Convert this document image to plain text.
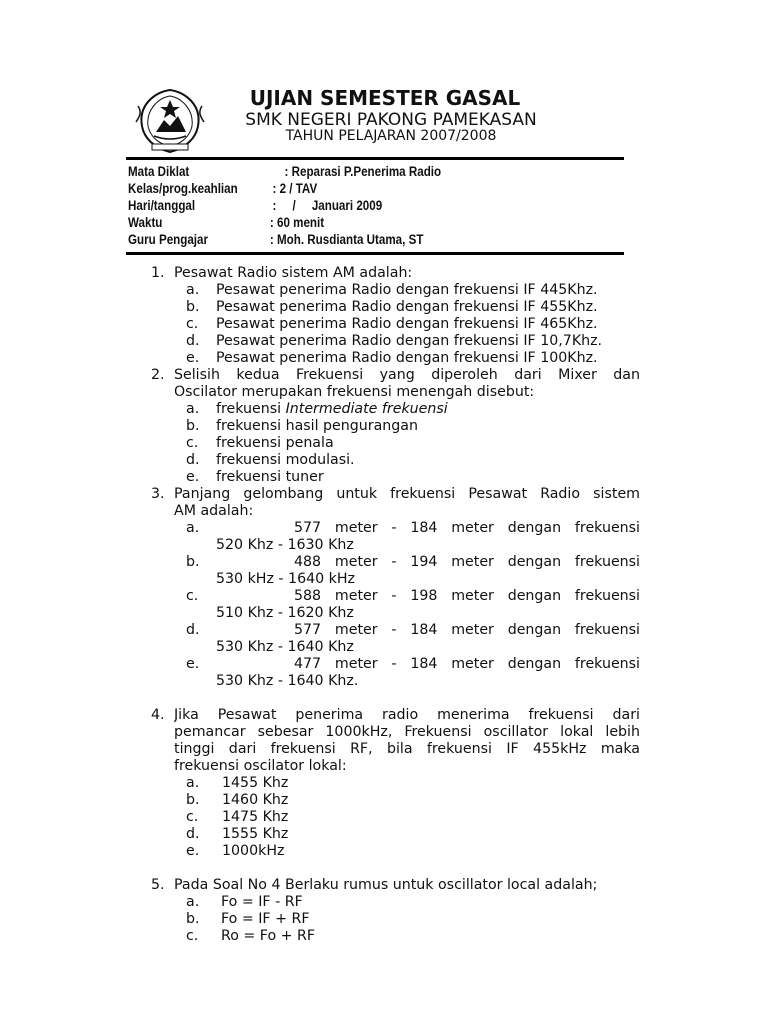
UJIAN SEMESTER GASAL
SMK NEGERI PAKONG PAMEKASAN
TAHUN PELAJARAN 2007/2008
Mata Diklat	: Reparasi P.Penerima Radio
Kelas/prog.keahlian	: 2 / TAV
Hari/tanggal	:     /     Januari 2009
Waktu	: 60 menit
Guru Pengajar	: Moh. Rusdianta Utama, ST
1. Pesawat Radio sistem AM adalah:
a. Pesawat penerima Radio dengan frekuensi IF 445Khz.
b. Pesawat penerima Radio dengan frekuensi IF 455Khz.
c. Pesawat penerima Radio dengan frekuensi IF 465Khz.
d. Pesawat penerima Radio dengan frekuensi IF 10,7Khz.
e. Pesawat penerima Radio dengan frekuensi IF 100Khz.
2. Selisih kedua Frekuensi yang diperoleh dari Mixer dan
Oscilator merupakan frekuensi menengah disebut:
a. frekuensi Intermediate frekuensi
b. frekuensi hasil pengurangan
c. frekuensi penala
d. frekuensi modulasi.
e. frekuensi tuner
3. Panjang gelombang untuk frekuensi Pesawat Radio sistem
AM adalah:
a.	577 meter - 184 meter dengan frekuensi
520 Khz - 1630 Khz
b.	488 meter - 194 meter dengan frekuensi
530 kHz - 1640 kHz
c.	588 meter - 198 meter dengan frekuensi
510 Khz - 1620 Khz
d.	577 meter - 184 meter dengan frekuensi
530 Khz - 1640 Khz
e.	477 meter - 184 meter dengan frekuensi
530 Khz - 1640 Khz.
4. Jika Pesawat penerima radio menerima frekuensi dari
pemancar sebesar 1000kHz, Frekuensi oscillator lokal lebih
tinggi dari frekuensi RF, bila frekuensi IF 455kHz maka
frekuensi oscilator lokal:
a. 1455 Khz
b. 1460 Khz
c. 1475 Khz
d. 1555 Khz
e. 1000kHz
5. Pada Soal No 4 Berlaku rumus untuk oscillator local adalah;
a. Fo = IF - RF
b. Fo = IF + RF
c. Ro = Fo + RF
